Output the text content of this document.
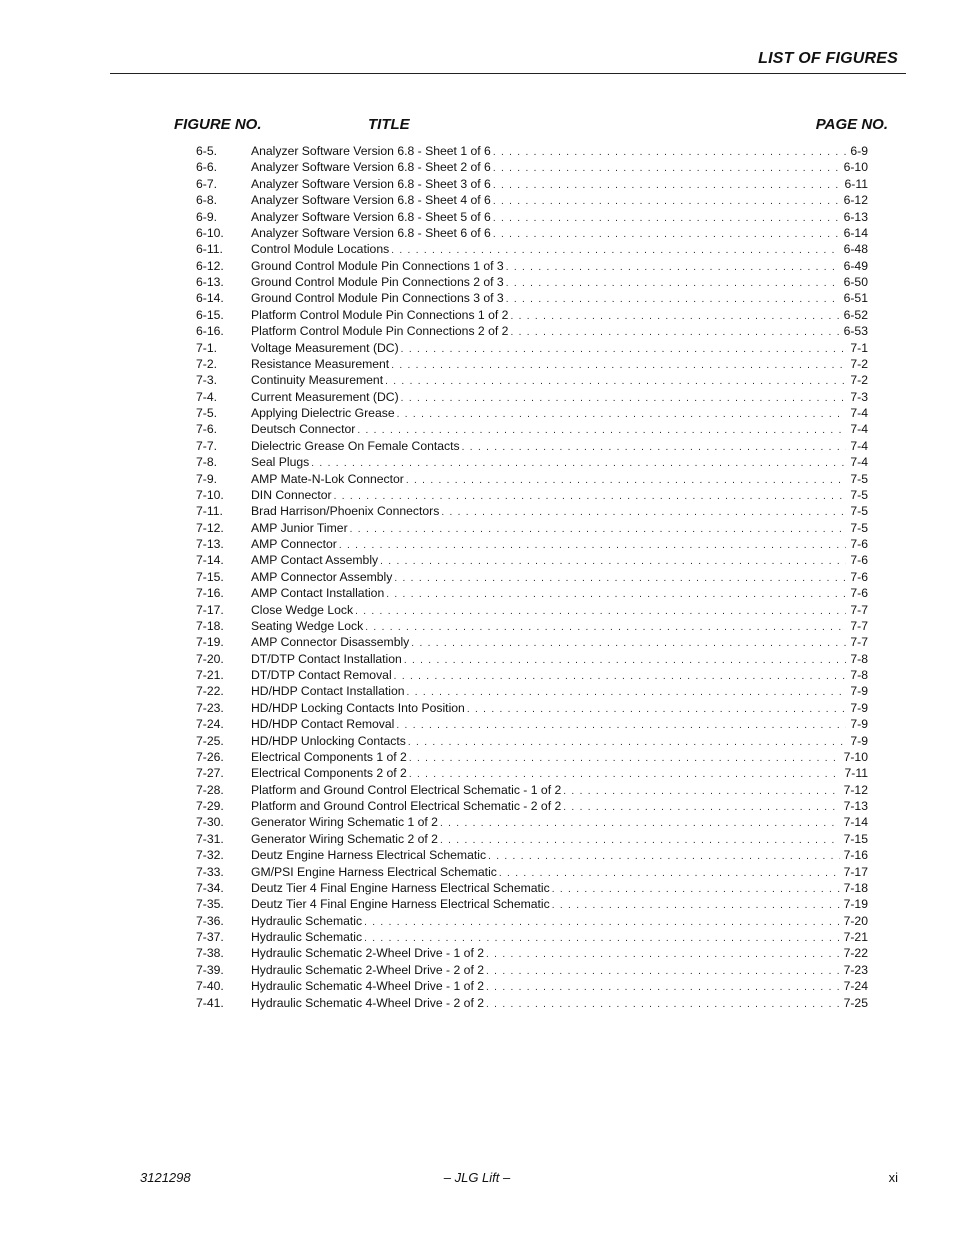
LIST OF FIGURES
FIGURE NO.	TITLE	PAGE NO.
6-5.	Analyzer Software Version 6.8 - Sheet 1 of 6 . . .	6-9
6-6.	Analyzer Software Version 6.8 - Sheet 2 of 6 . . .	6-10
6-7.	Analyzer Software Version 6.8 - Sheet 3 of 6 . . .	6-11
6-8.	Analyzer Software Version 6.8 - Sheet 4 of 6 . . .	6-12
6-9.	Analyzer Software Version 6.8 - Sheet 5 of 6 . . .	6-13
6-10.	Analyzer Software Version 6.8 - Sheet 6 of 6 . . .	6-14
6-11.	Control Module Locations . . .	6-48
6-12.	Ground Control Module Pin Connections 1 of 3 . . .	6-49
6-13.	Ground Control Module Pin Connections 2 of 3 . . .	6-50
6-14.	Ground Control Module Pin Connections 3 of 3 . . .	6-51
6-15.	Platform Control Module Pin Connections 1 of 2 . . .	6-52
6-16.	Platform Control Module Pin Connections 2 of 2 . . .	6-53
7-1.	Voltage Measurement (DC) . . .	7-1
7-2.	Resistance Measurement . . .	7-2
7-3.	Continuity Measurement . . .	7-2
7-4.	Current Measurement (DC) . . .	7-3
7-5.	Applying Dielectric Grease . . .	7-4
7-6.	Deutsch Connector . . .	7-4
7-7.	Dielectric Grease On Female Contacts . . .	7-4
7-8.	Seal Plugs . . .	7-4
7-9.	AMP Mate-N-Lok Connector . . .	7-5
7-10.	DIN Connector . . .	7-5
7-11.	Brad Harrison/Phoenix Connectors . . .	7-5
7-12.	AMP Junior Timer . . .	7-5
7-13.	AMP Connector . . .	7-6
7-14.	AMP Contact Assembly . . .	7-6
7-15.	AMP Connector Assembly . . .	7-6
7-16.	AMP Contact Installation . . .	7-6
7-17.	Close Wedge Lock . . .	7-7
7-18.	Seating Wedge Lock . . .	7-7
7-19.	AMP Connector Disassembly . . .	7-7
7-20.	DT/DTP Contact Installation . . .	7-8
7-21.	DT/DTP Contact Removal . . .	7-8
7-22.	HD/HDP Contact Installation . . .	7-9
7-23.	HD/HDP Locking Contacts Into Position . . .	7-9
7-24.	HD/HDP Contact Removal . . .	7-9
7-25.	HD/HDP Unlocking Contacts . . .	7-9
7-26.	Electrical Components 1 of 2 . . .	7-10
7-27.	Electrical Components 2 of 2 . . .	7-11
7-28.	Platform and Ground Control Electrical Schematic - 1 of 2 . . .	7-12
7-29.	Platform and Ground Control Electrical Schematic - 2 of 2 . . .	7-13
7-30.	Generator Wiring Schematic 1 of 2 . . .	7-14
7-31.	Generator Wiring Schematic 2 of 2 . . .	7-15
7-32.	Deutz Engine Harness Electrical Schematic . . .	7-16
7-33.	GM/PSI Engine Harness Electrical Schematic . . .	7-17
7-34.	Deutz Tier 4 Final Engine Harness Electrical Schematic . . .	7-18
7-35.	Deutz Tier 4 Final Engine Harness Electrical Schematic . . .	7-19
7-36.	Hydraulic Schematic . . .	7-20
7-37.	Hydraulic Schematic . . .	7-21
7-38.	Hydraulic Schematic 2-Wheel Drive - 1 of 2 . . .	7-22
7-39.	Hydraulic Schematic 2-Wheel Drive - 2 of 2 . . .	7-23
7-40.	Hydraulic Schematic 4-Wheel Drive - 1 of 2 . . .	7-24
7-41.	Hydraulic Schematic 4-Wheel Drive - 2 of 2 . . .	7-25
3121298	– JLG Lift –	xi
